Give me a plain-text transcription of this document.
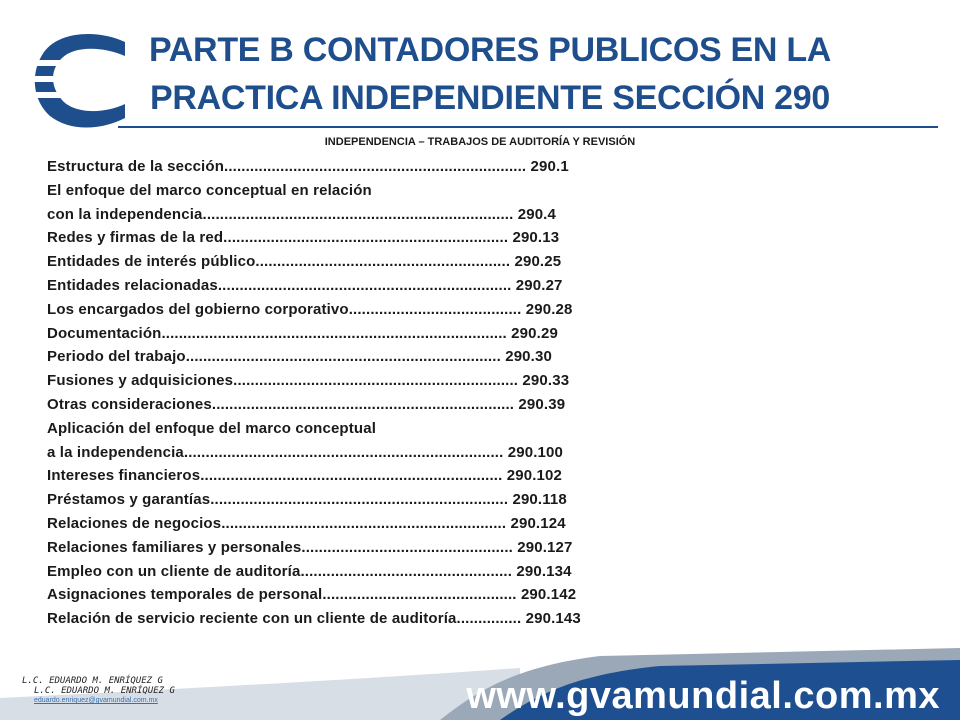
PARTE B CONTADORES PUBLICOS EN LA
PRACTICA INDEPENDIENTE SECCIÓN 290
INDEPENDENCIA – TRABAJOS DE AUDITORÍA Y REVISIÓN
Estructura de la sección...................................................................... 290.1
El enfoque del marco conceptual en relación
con la independencia........................................................................ 290.4
Redes y firmas de la red.................................................................. 290.13
Entidades de interés público........................................................... 290.25
Entidades relacionadas.................................................................... 290.27
Los encargados del gobierno corporativo........................................ 290.28
Documentación................................................................................ 290.29
Periodo del trabajo......................................................................... 290.30
Fusiones y adquisiciones.................................................................. 290.33
Otras consideraciones...................................................................... 290.39
Aplicación del enfoque del marco conceptual
a la independencia.......................................................................... 290.100
Intereses financieros...................................................................... 290.102
Préstamos y garantías..................................................................... 290.118
Relaciones de negocios.................................................................. 290.124
Relaciones familiares y personales................................................. 290.127
Empleo con un cliente de auditoría................................................. 290.134
Asignaciones temporales de personal............................................. 290.142
Relación de servicio reciente con un cliente de auditoría............... 290.143
L.C. EDUARDO M. ENRÍQUEZ G
L.C. EDUARDO M. ENRÍQUEZ G
eduardo.enriquez@gvamundial.com.mx	www.gvamundial.com.mx
